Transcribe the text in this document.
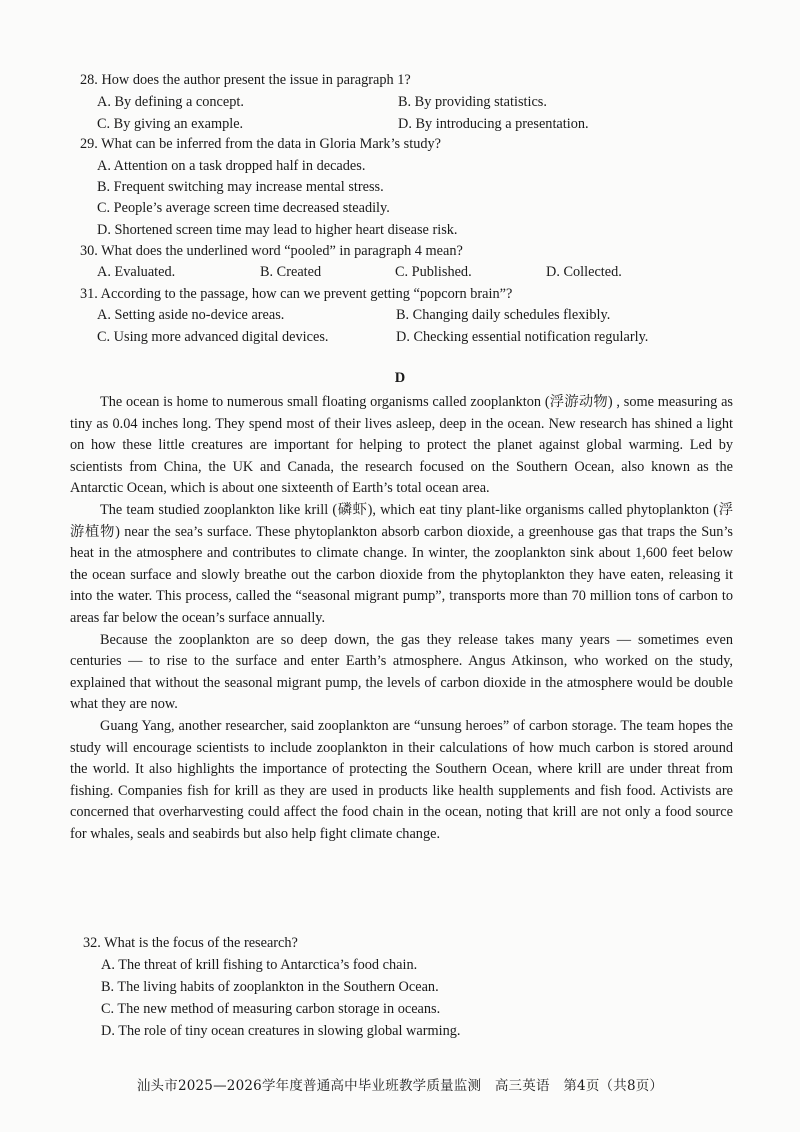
28. How does the author present the issue in paragraph 1?
A. By defining a concept.	B. By providing statistics.
C. By giving an example.	D. By introducing a presentation.
29. What can be inferred from the data in Gloria Mark’s study?
A. Attention on a task dropped half in decades.
B. Frequent switching may increase mental stress.
C. People’s average screen time decreased steadily.
D. Shortened screen time may lead to higher heart disease risk.
30. What does the underlined word “pooled” in paragraph 4 mean?
A. Evaluated.	B. Created	C. Published.	D. Collected.
31. According to the passage, how can we prevent getting “popcorn brain”?
A. Setting aside no-device areas.	B. Changing daily schedules flexibly.
C. Using more advanced digital devices.	D. Checking essential notification regularly.
D

The ocean is home to numerous small floating organisms called zooplankton (浮游动物) , some measuring as tiny as 0.04 inches long. They spend most of their lives asleep, deep in the ocean. New research has shined a light on how these little creatures are important for helping to protect the planet against global warming. Led by scientists from China, the UK and Canada, the research focused on the Southern Ocean, also known as the Antarctic Ocean, which is about one sixteenth of Earth’s total ocean area.

The team studied zooplankton like krill (磷虾), which eat tiny plant-like organisms called phytoplankton (浮游植物) near the sea’s surface. These phytoplankton absorb carbon dioxide, a greenhouse gas that traps the Sun’s heat in the atmosphere and contributes to climate change. In winter, the zooplankton sink about 1,600 feet below the ocean surface and slowly breathe out the carbon dioxide from the phytoplankton they have eaten, releasing it into the water. This process, called the “seasonal migrant pump”, transports more than 70 million tons of carbon to areas far below the ocean’s surface annually.

Because the zooplankton are so deep down, the gas they release takes many years — sometimes even centuries — to rise to the surface and enter Earth’s atmosphere. Angus Atkinson, who worked on the study, explained that without the seasonal migrant pump, the levels of carbon dioxide in the atmosphere would be double what they are now.

Guang Yang, another researcher, said zooplankton are “unsung heroes” of carbon storage. The team hopes the study will encourage scientists to include zooplankton in their calculations of how much carbon is stored around the world. It also highlights the importance of protecting the Southern Ocean, where krill are under threat from fishing. Companies fish for krill as they are used in products like health supplements and fish food. Activists are concerned that overharvesting could affect the food chain in the ocean, noting that krill are not only a food source for whales, seals and seabirds but also help fight climate change.

32. What is the focus of the research?
A. The threat of krill fishing to Antarctica’s food chain.
B. The living habits of zooplankton in the Southern Ocean.
C. The new method of measuring carbon storage in oceans.
D. The role of tiny ocean creatures in slowing global warming.
汕头市2025—2026学年度普通高中毕业班教学质量监测　高三英语　第4页（共8页）
